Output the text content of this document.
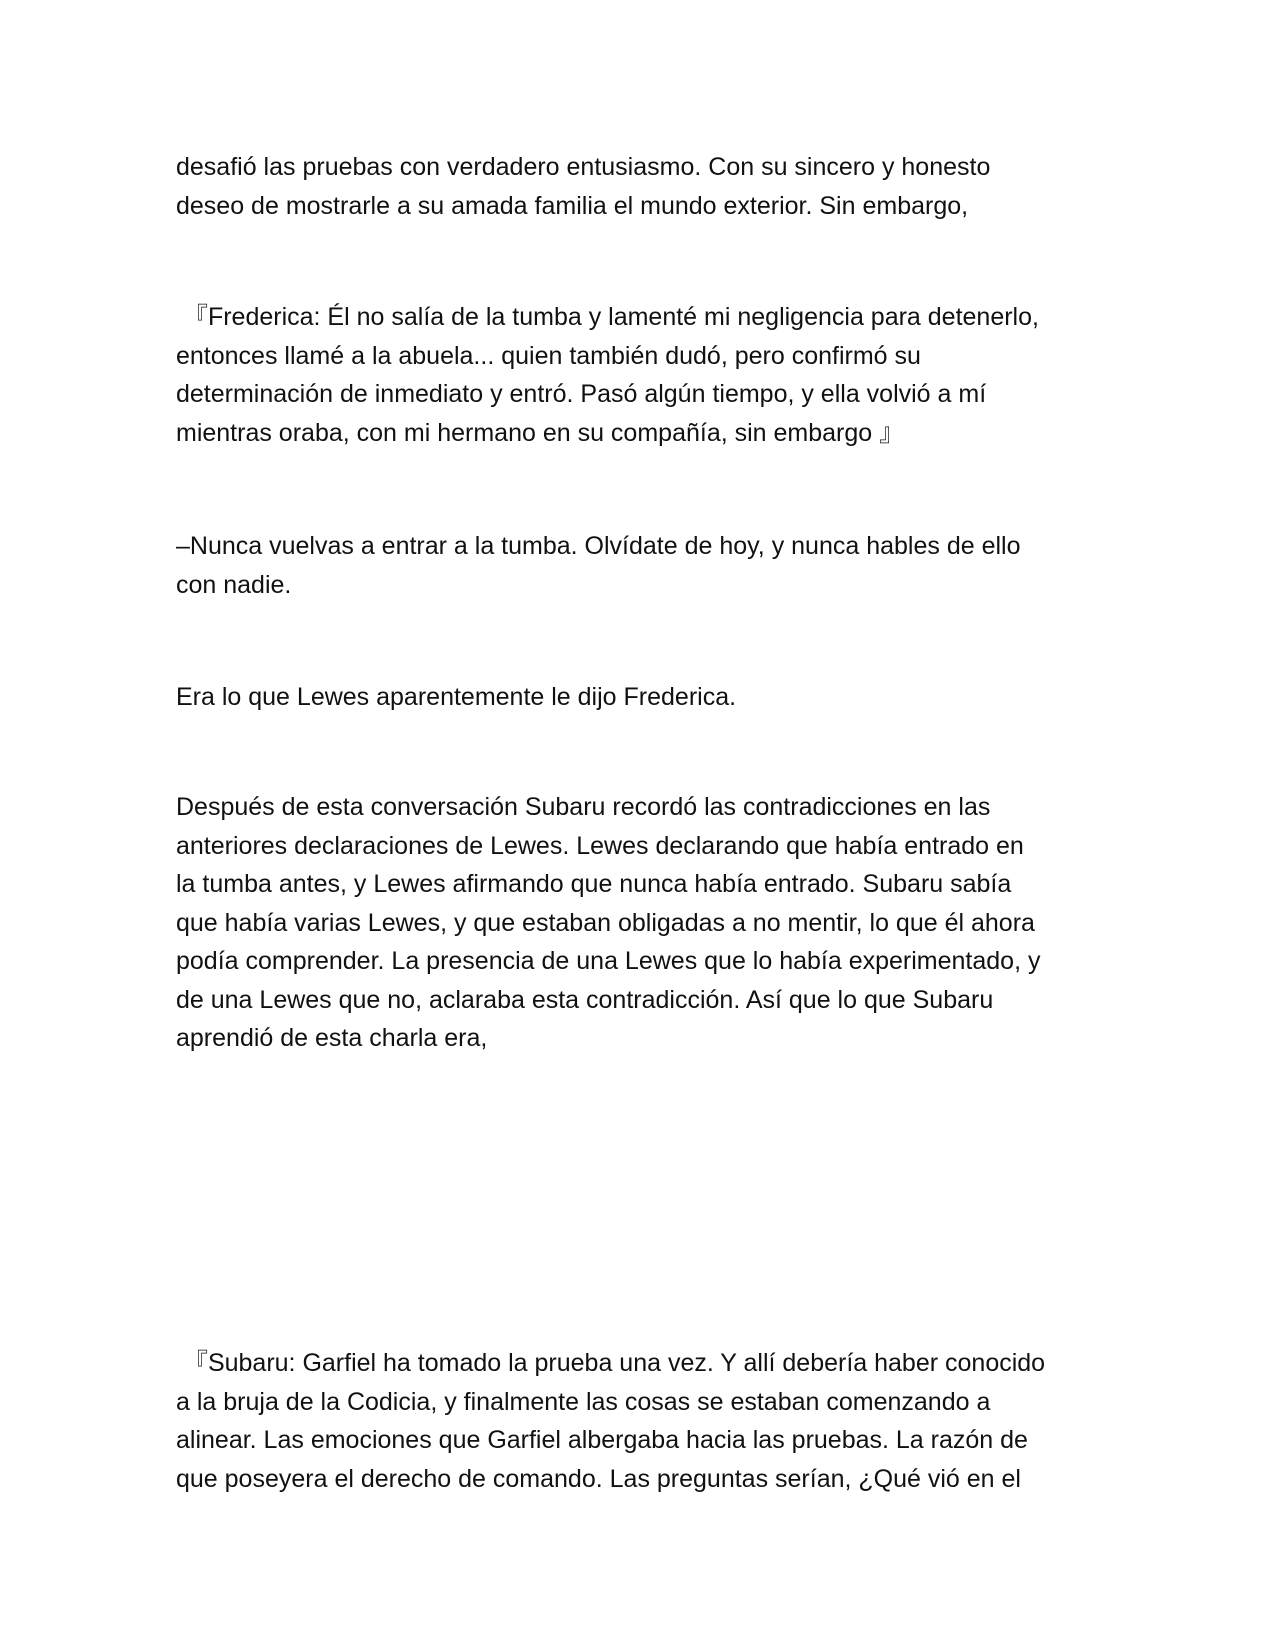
desafió las pruebas con verdadero entusiasmo. Con su sincero y honesto
deseo de mostrarle a su amada familia el mundo exterior. Sin embargo,

『Frederica: Él no salía de la tumba y lamenté mi negligencia para detenerlo,
entonces llamé a la abuela... quien también dudó, pero confirmó su
determinación de inmediato y entró. Pasó algún tiempo, y ella volvió a mí
mientras oraba, con mi hermano en su compañía, sin embargo 』

–Nunca vuelvas a entrar a la tumba. Olvídate de hoy, y nunca hables de ello
con nadie.

Era lo que Lewes aparentemente le dijo Frederica.

Después de esta conversación Subaru recordó las contradicciones en las
anteriores declaraciones de Lewes. Lewes declarando que había entrado en
la tumba antes, y Lewes afirmando que nunca había entrado. Subaru sabía
que había varias Lewes, y que estaban obligadas a no mentir, lo que él ahora
podía comprender. La presencia de una Lewes que lo había experimentado, y
de una Lewes que no, aclaraba esta contradicción. Así que lo que Subaru
aprendió de esta charla era,

『Subaru: Garfiel ha tomado la prueba una vez. Y allí debería haber conocido
a la bruja de la Codicia, y finalmente las cosas se estaban comenzando a
alinear. Las emociones que Garfiel albergaba hacia las pruebas. La razón de
que poseyera el derecho de comando. Las preguntas serían, ¿Qué vió en el
